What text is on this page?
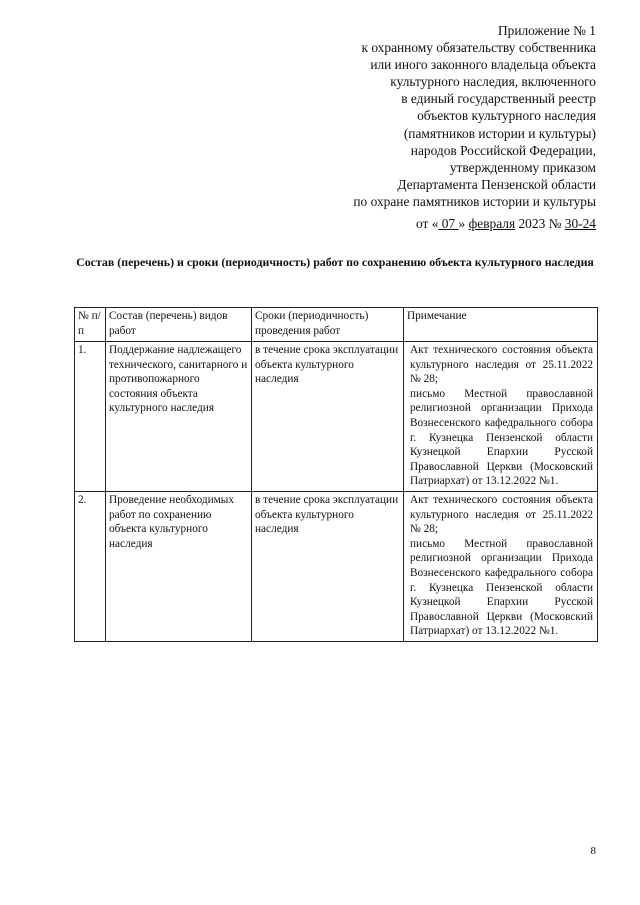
Приложение № 1
к охранному обязательству собственника
или иного законного владельца объекта
культурного наследия, включенного
в единый государственный реестр
объектов культурного наследия
(памятников истории и культуры)
народов Российской Федерации,
утвержденному приказом
Департамента Пензенской области
по охране памятников истории и культуры
от « 07 » февраля 2023 № 30-24
Состав (перечень) и сроки (периодичность) работ по сохранению объекта культурного наследия
№ п/п	Состав (перечень) видов работ	Сроки (периодичность) проведения работ	Примечание
1.	Поддержание надлежащего технического, санитарного и противопожарного состояния объекта культурного наследия	в течение срока эксплуатации объекта культурного наследия	Акт технического состояния объекта культурного наследия от 25.11.2022 № 28;
письмо Местной православной религиозной организации Прихода Вознесенского кафедрального собора г. Кузнецка Пензенской области Кузнецкой Епархии Русской Православной Церкви (Московский Патриархат) от 13.12.2022 №1.

2.	Проведение необходимых работ по сохранению объекта культурного наследия	в течение срока эксплуатации объекта культурного наследия	Акт технического состояния объекта культурного наследия от 25.11.2022 № 28;
письмо Местной православной религиозной организации Прихода Вознесенского кафедрального собора г. Кузнецка Пензенской области Кузнецкой Епархии Русской Православной Церкви (Московский Патриархат) от 13.12.2022 №1.
8
